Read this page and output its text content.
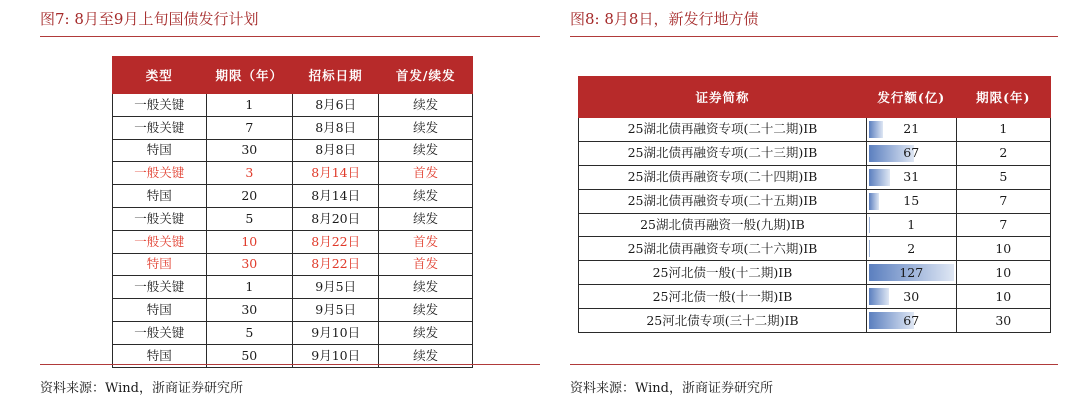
图7: 8月至9月上旬国债发行计划
类型	期限（年）	招标日期	首发/续发
一般关键	1	8月6日	续发
一般关键	7	8月8日	续发
特国	30	8月8日	续发
一般关键	3	8月14日	首发
特国	20	8月14日	续发
一般关键	5	8月20日	续发
一般关键	10	8月22日	首发
特国	30	8月22日	首发
一般关键	1	9月5日	续发
特国	30	9月5日	续发
一般关键	5	9月10日	续发
特国	50	9月10日	续发
资料来源：Wind，浙商证券研究所
图8: 8月8日，新发行地方债
证券简称	发行额(亿)	期限(年)
25湖北债再融资专项(二十二期)IB	21	1
25湖北债再融资专项(二十三期)IB	67	2
25湖北债再融资专项(二十四期)IB	31	5
25湖北债再融资专项(二十五期)IB	15	7
25湖北债再融资一般(九期)IB	1	7
25湖北债再融资专项(二十六期)IB	2	10
25河北债一般(十二期)IB	127	10
25河北债一般(十一期)IB	30	10
25河北债专项(三十二期)IB	67	30
资料来源：Wind，浙商证券研究所
